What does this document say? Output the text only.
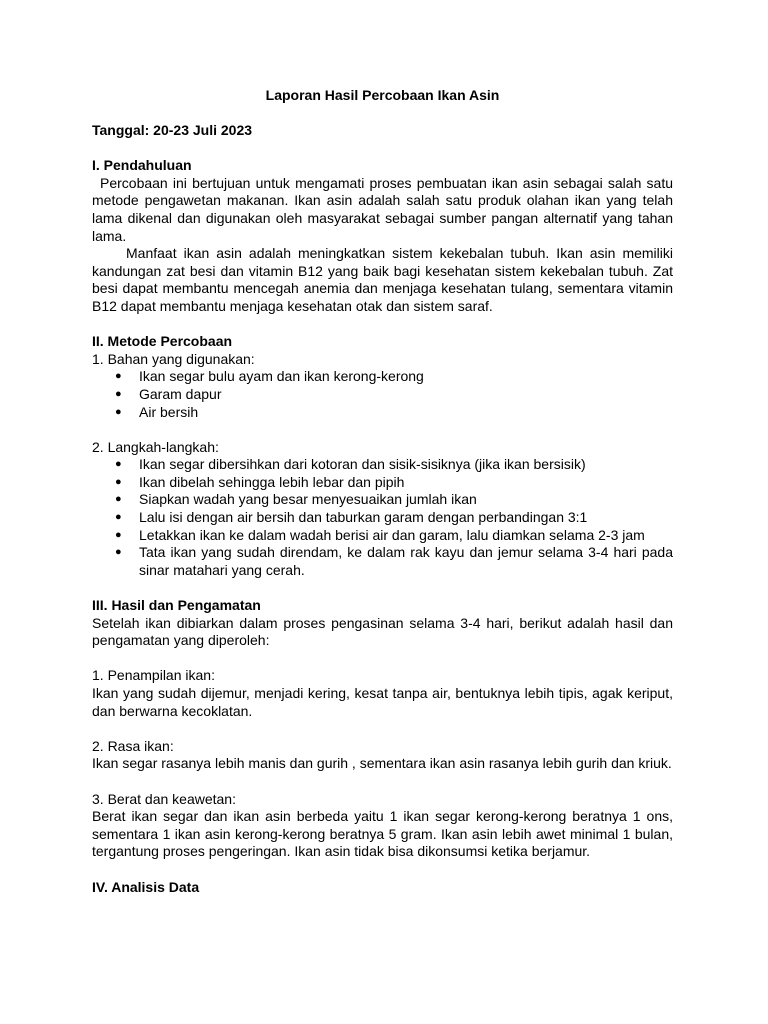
Laporan Hasil Percobaan Ikan Asin

Tanggal: 20-23 Juli 2023

I. Pendahuluan

Percobaan ini bertujuan untuk mengamati proses pembuatan ikan asin sebagai salah satu metode pengawetan makanan. Ikan asin adalah salah satu produk olahan ikan yang telah lama dikenal dan digunakan oleh masyarakat sebagai sumber pangan alternatif yang tahan lama.

Manfaat ikan asin adalah meningkatkan sistem kekebalan tubuh. Ikan asin memiliki kandungan zat besi dan vitamin B12 yang baik bagi kesehatan sistem kekebalan tubuh. Zat besi dapat membantu mencegah anemia dan menjaga kesehatan tulang, sementara vitamin B12 dapat membantu menjaga kesehatan otak dan sistem saraf.

II. Metode Percobaan

1. Bahan yang digunakan:

● Ikan segar bulu ayam dan ikan kerong-kerong
● Garam dapur
● Air bersih

2. Langkah-langkah:

● Ikan segar dibersihkan dari kotoran dan sisik-sisiknya (jika ikan bersisik)
● Ikan dibelah sehingga lebih lebar dan pipih
● Siapkan wadah yang besar menyesuaikan jumlah ikan
● Lalu isi dengan air bersih dan taburkan garam dengan perbandingan 3:1
● Letakkan ikan ke dalam wadah berisi air dan garam, lalu diamkan selama 2-3 jam
● Tata ikan yang sudah direndam, ke dalam rak kayu dan jemur selama 3-4 hari pada sinar matahari yang cerah.

III. Hasil dan Pengamatan

Setelah ikan dibiarkan dalam proses pengasinan selama 3-4 hari, berikut adalah hasil dan pengamatan yang diperoleh:

1. Penampilan ikan:

Ikan yang sudah dijemur, menjadi kering, kesat tanpa air, bentuknya lebih tipis, agak keriput, dan berwarna kecoklatan.

2. Rasa ikan:

Ikan segar rasanya lebih manis dan gurih , sementara ikan asin rasanya lebih gurih dan kriuk.

3. Berat dan keawetan:

Berat ikan segar dan ikan asin berbeda yaitu 1 ikan segar kerong-kerong beratnya 1 ons, sementara 1 ikan asin kerong-kerong beratnya 5 gram. Ikan asin lebih awet minimal 1 bulan, tergantung proses pengeringan. Ikan asin tidak bisa dikonsumsi ketika berjamur.

IV. Analisis Data
